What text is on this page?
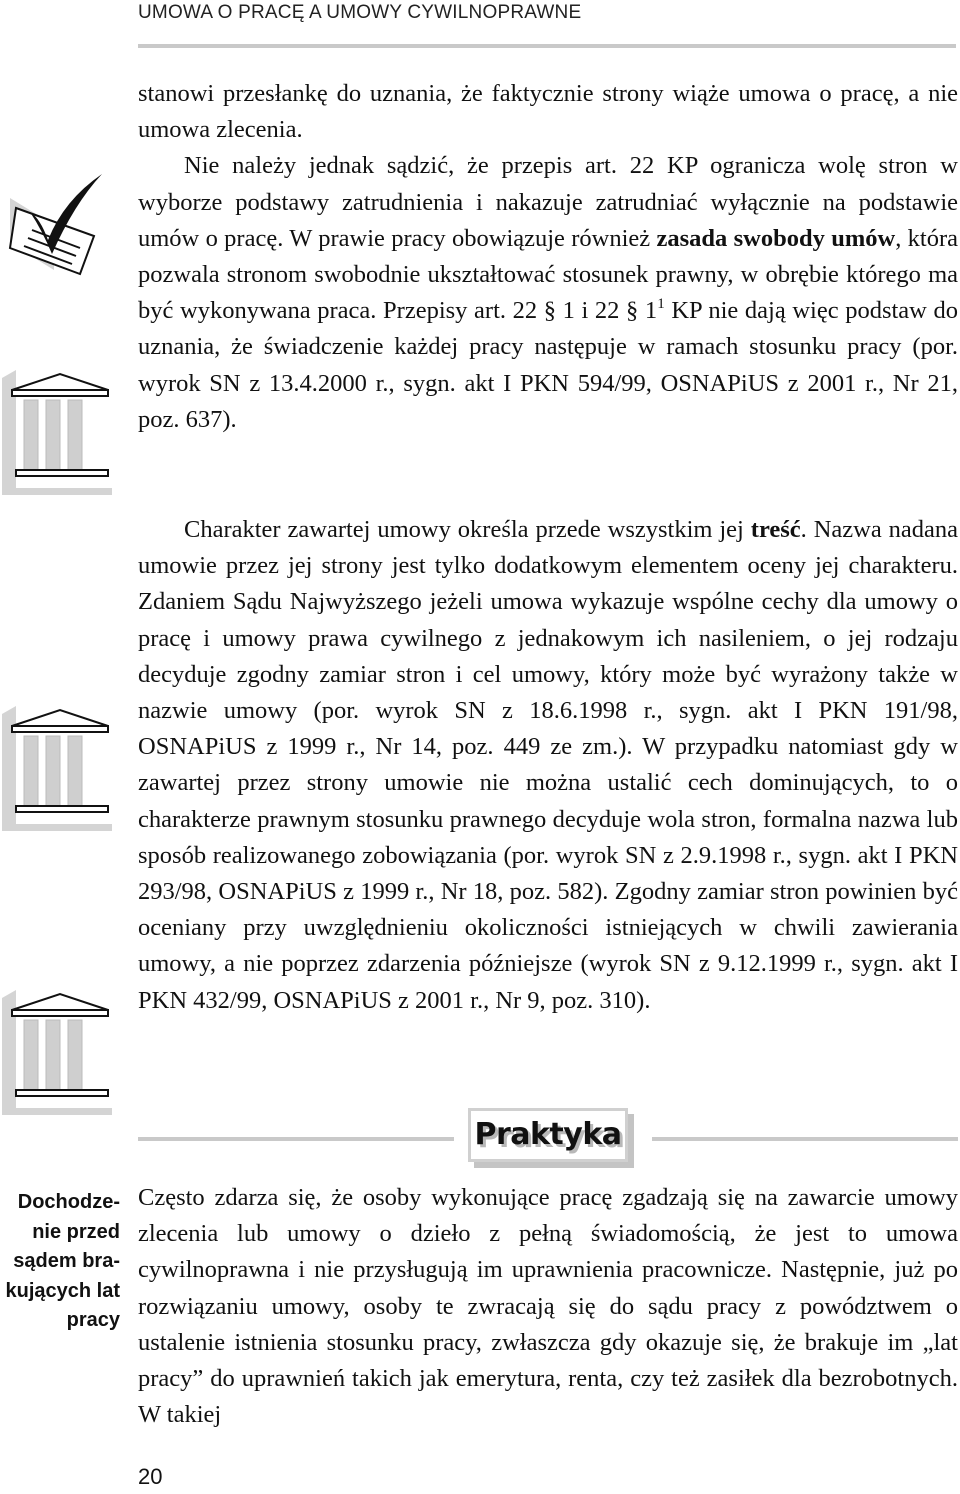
UMOWA O PRACĘ A UMOWY CYWILNOPRAWNE

stanowi przesłankę do uznania, że faktycznie strony wiąże umowa o pracę, a nie umowa zlecenia.
Nie należy jednak sądzić, że przepis art. 22 KP ogranicza wolę stron w wyborze podstawy zatrudnienia i nakazuje zatrudniać wyłącznie na podstawie umów o pracę. W prawie pracy obowiązuje również zasada swobody umów, która pozwala stronom swobodnie ukształtować stosunek prawny, w obrębie którego ma być wykonywana praca. Przepisy art. 22 § 1 i 22 § $1^1$ KP nie dają więc podstaw do uznania, że świadczenie każdej pracy następuje w ramach stosunku pracy (por. wyrok SN z 13.4.2000 r., sygn. akt I PKN 594/99, OSNAPiUS z 2001 r., Nr 21, poz. 637).

Charakter zawartej umowy określa przede wszystkim jej treść. Nazwa nadana umowie przez jej strony jest tylko dodatkowym elementem oceny jej charakteru. Zdaniem Sądu Najwyższego jeżeli umowa wykazuje wspólne cechy dla umowy o pracę i umowy prawa cywilnego z jednakowym ich nasileniem, o jej rodzaju decyduje zgodny zamiar stron i cel umowy, który może być wyrażony także w nazwie umowy (por. wyrok SN z 18.6.1998 r., sygn. akt I PKN 191/98, OSNAPiUS z 1999 r., Nr 14, poz. 449 ze zm.). W przypadku natomiast gdy w zawartej przez strony umowie nie można ustalić cech dominujących, to o charakterze prawnym stosunku prawnego decyduje wola stron, formalna nazwa lub sposób realizowanego zobowiązania (por. wyrok SN z 2.9.1998 r., sygn. akt I PKN 293/98, OSNAPiUS z 1999 r., Nr 18, poz. 582). Zgodny zamiar stron powinien być oceniany przy uwzględnieniu okoliczności istniejących w chwili zawierania umowy, a nie poprzez zdarzenia późniejsze (wyrok SN z 9.12.1999 r., sygn. akt I PKN 432/99, OSNAPiUS z 2001 r., Nr 9, poz. 310).

Praktyka

Często zdarza się, że osoby wykonujące pracę zgadzają się na zawarcie umowy zlecenia lub umowy o dzieło z pełną świadomością, że jest to umowa cywilnoprawna i nie przysługują im uprawnienia pracownicze. Następnie, już po rozwiązaniu umowy, osoby te zwracają się do sądu pracy z powództwem o ustalenie istnienia stosunku pracy, zwłaszcza gdy okazuje się, że brakuje im „lat pracy” do uprawnień takich jak emerytura, renta, czy też zasiłek dla bezrobotnych. W takiej

Dochodzenie przed sądem brakujących lat pracy

20
